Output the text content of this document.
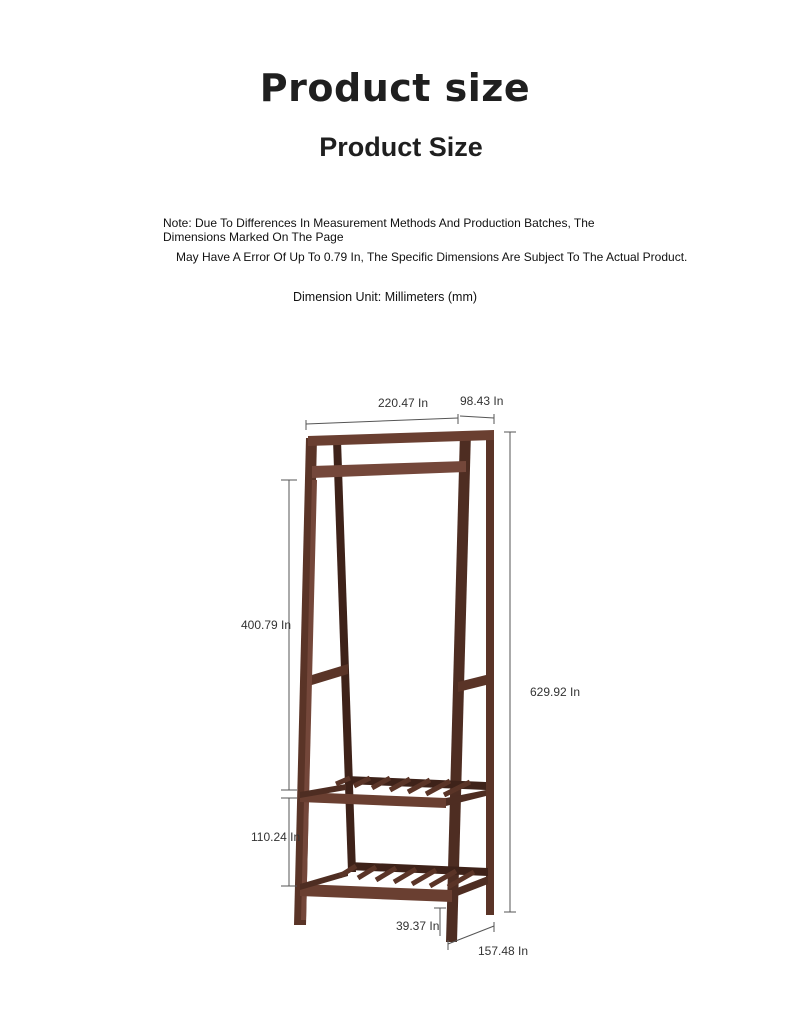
Product size
Product Size
Note: Due To Differences In Measurement Methods And Production Batches, The Dimensions Marked On The Page
May Have A Error Of Up To 0.79 In, The Specific Dimensions Are Subject To The Actual Product.
Dimension Unit: Millimeters (mm)
220.47 In	98.43 In
400.79 In
629.92 In
110.24 In
39.37 In
157.48 In
